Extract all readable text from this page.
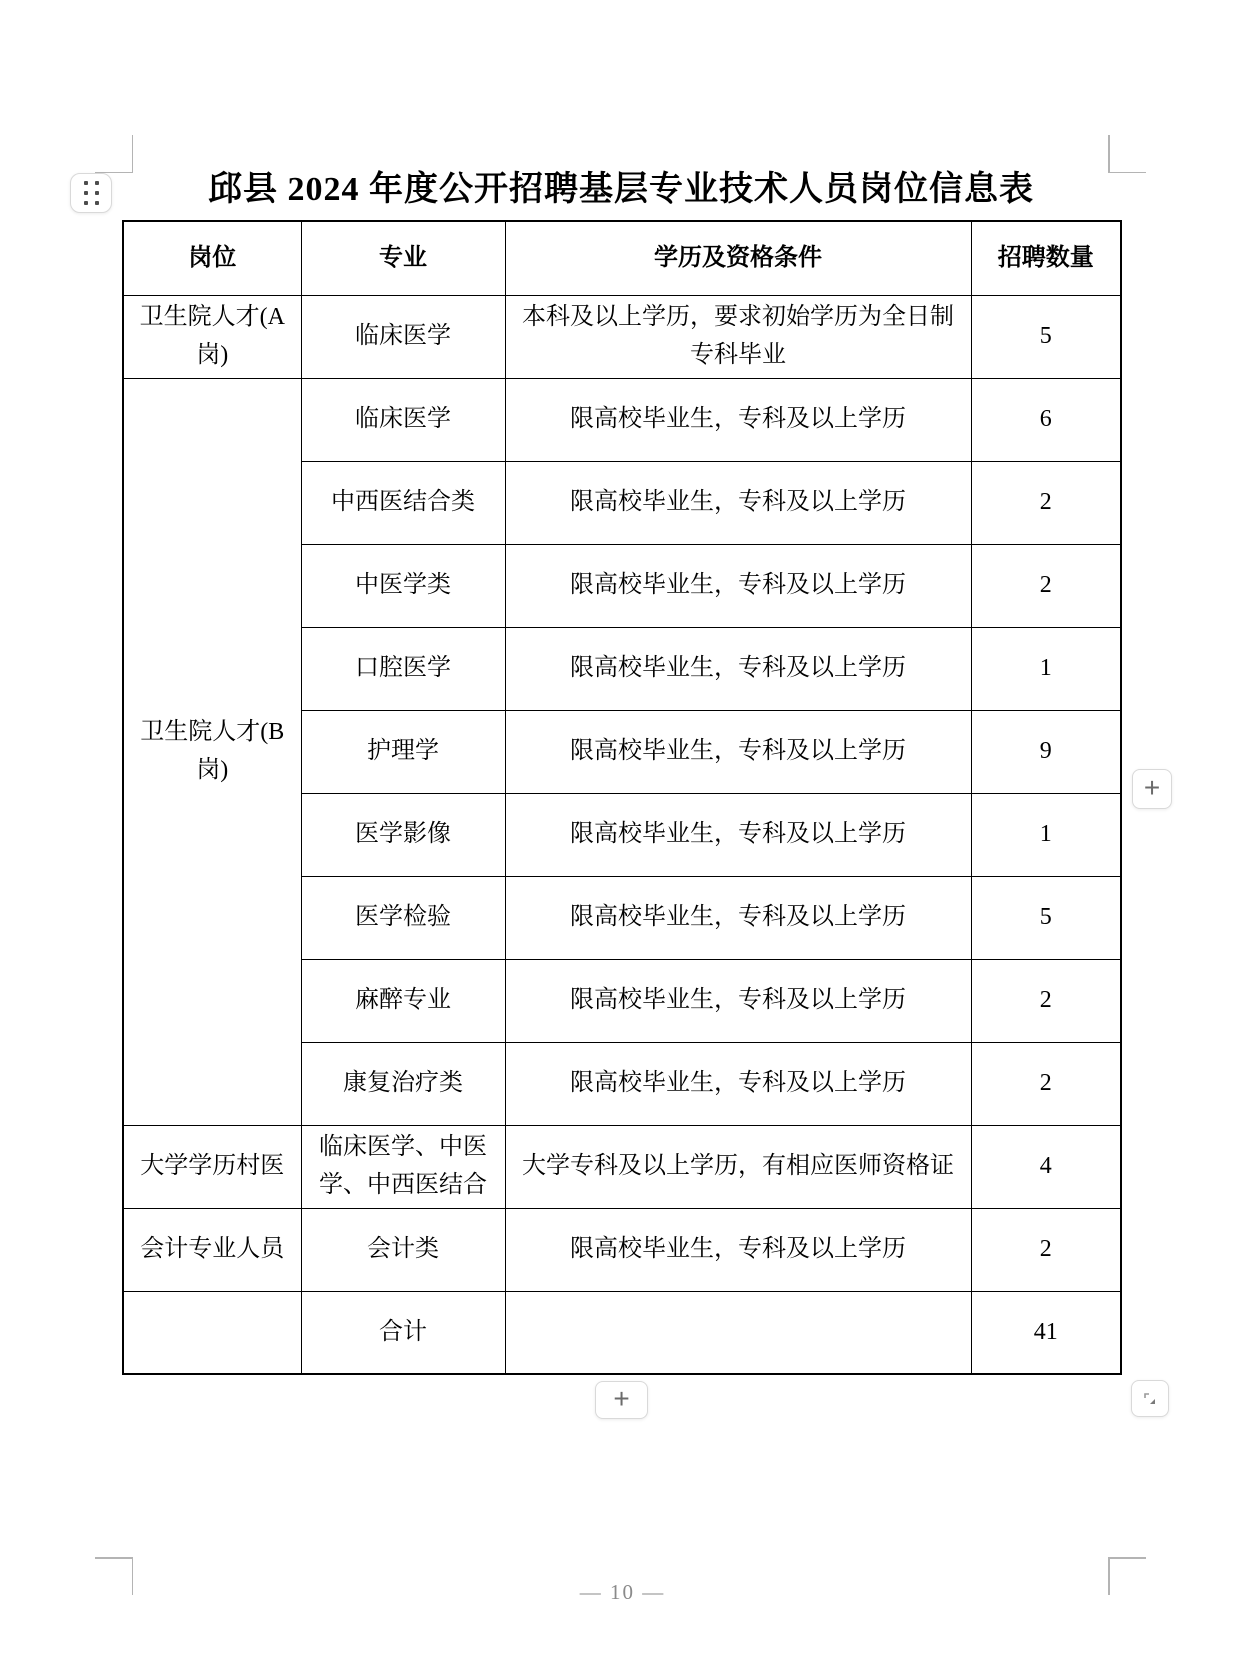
邱县 2024 年度公开招聘基层专业技术人员岗位信息表
岗位	专业	学历及资格条件	招聘数量
卫生院人才(A岗)	临床医学	本科及以上学历，要求初始学历为全日制专科毕业	5
卫生院人才(B岗)	临床医学	限高校毕业生，专科及以上学历	6
	中西医结合类	限高校毕业生，专科及以上学历	2
	中医学类	限高校毕业生，专科及以上学历	2
	口腔医学	限高校毕业生，专科及以上学历	1
	护理学	限高校毕业生，专科及以上学历	9
	医学影像	限高校毕业生，专科及以上学历	1
	医学检验	限高校毕业生，专科及以上学历	5
	麻醉专业	限高校毕业生，专科及以上学历	2
	康复治疗类	限高校毕业生，专科及以上学历	2
大学学历村医	临床医学、中医学、中西医结合	大学专科及以上学历，有相应医师资格证	4
会计专业人员	会计类	限高校毕业生，专科及以上学历	2
	合计		41
+
+
— 10 —
